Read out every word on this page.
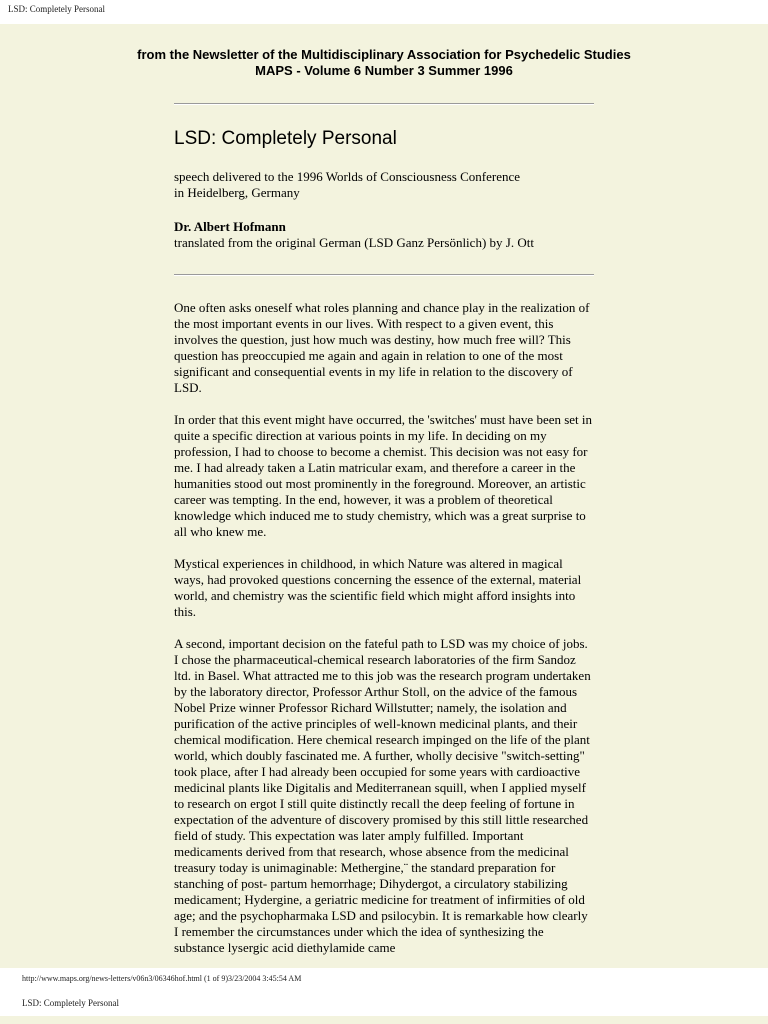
LSD: Completely Personal
from the Newsletter of the Multidisciplinary Association for Psychedelic Studies
MAPS - Volume 6 Number 3 Summer 1996
LSD: Completely Personal
speech delivered to the 1996 Worlds of Consciousness Conference
in Heidelberg, Germany
Dr. Albert Hofmann
translated from the original German (LSD Ganz Persönlich) by J. Ott

One often asks oneself what roles planning and chance play in the realization of the most important events in our lives. With respect to a given event, this involves the question, just how much was destiny, how much free will? This question has preoccupied me again and again in relation to one of the most significant and consequential events in my life in relation to the discovery of LSD.

In order that this event might have occurred, the 'switches' must have been set in quite a specific direction at various points in my life. In deciding on my profession, I had to choose to become a chemist. This decision was not easy for me. I had already taken a Latin matricular exam, and therefore a career in the humanities stood out most prominently in the foreground. Moreover, an artistic career was tempting. In the end, however, it was a problem of theoretical knowledge which induced me to study chemistry, which was a great surprise to all who knew me.

Mystical experiences in childhood, in which Nature was altered in magical ways, had provoked questions concerning the essence of the external, material world, and chemistry was the scientific field which might afford insights into this.

A second, important decision on the fateful path to LSD was my choice of jobs. I chose the pharmaceutical-chemical research laboratories of the firm Sandoz ltd. in Basel. What attracted me to this job was the research program undertaken by the laboratory director, Professor Arthur Stoll, on the advice of the famous Nobel Prize winner Professor Richard Willstutter; namely, the isolation and purification of the active principles of well-known medicinal plants, and their chemical modification. Here chemical research impinged on the life of the plant world, which doubly fascinated me. A further, wholly decisive "switch-setting" took place, after I had already been occupied for some years with cardioactive medicinal plants like Digitalis and Mediterranean squill, when I applied myself to research on ergot I still quite distinctly recall the deep feeling of fortune in expectation of the adventure of discovery promised by this still little researched field of study. This expectation was later amply fulfilled. Important medicaments derived from that research, whose absence from the medicinal treasury today is unimaginable: Methergine,¨ the standard preparation for stanching of post- partum hemorrhage; Dihydergot, a circulatory stabilizing medicament; Hydergine, a geriatric medicine for treatment of infirmities of old age; and the psychopharmaka LSD and psilocybin. It is remarkable how clearly I remember the circumstances under which the idea of synthesizing the substance lysergic acid diethylamide came

http://www.maps.org/news-letters/v06n3/06346hof.html (1 of 9)3/23/2004 3:45:54 AM
LSD: Completely Personal
